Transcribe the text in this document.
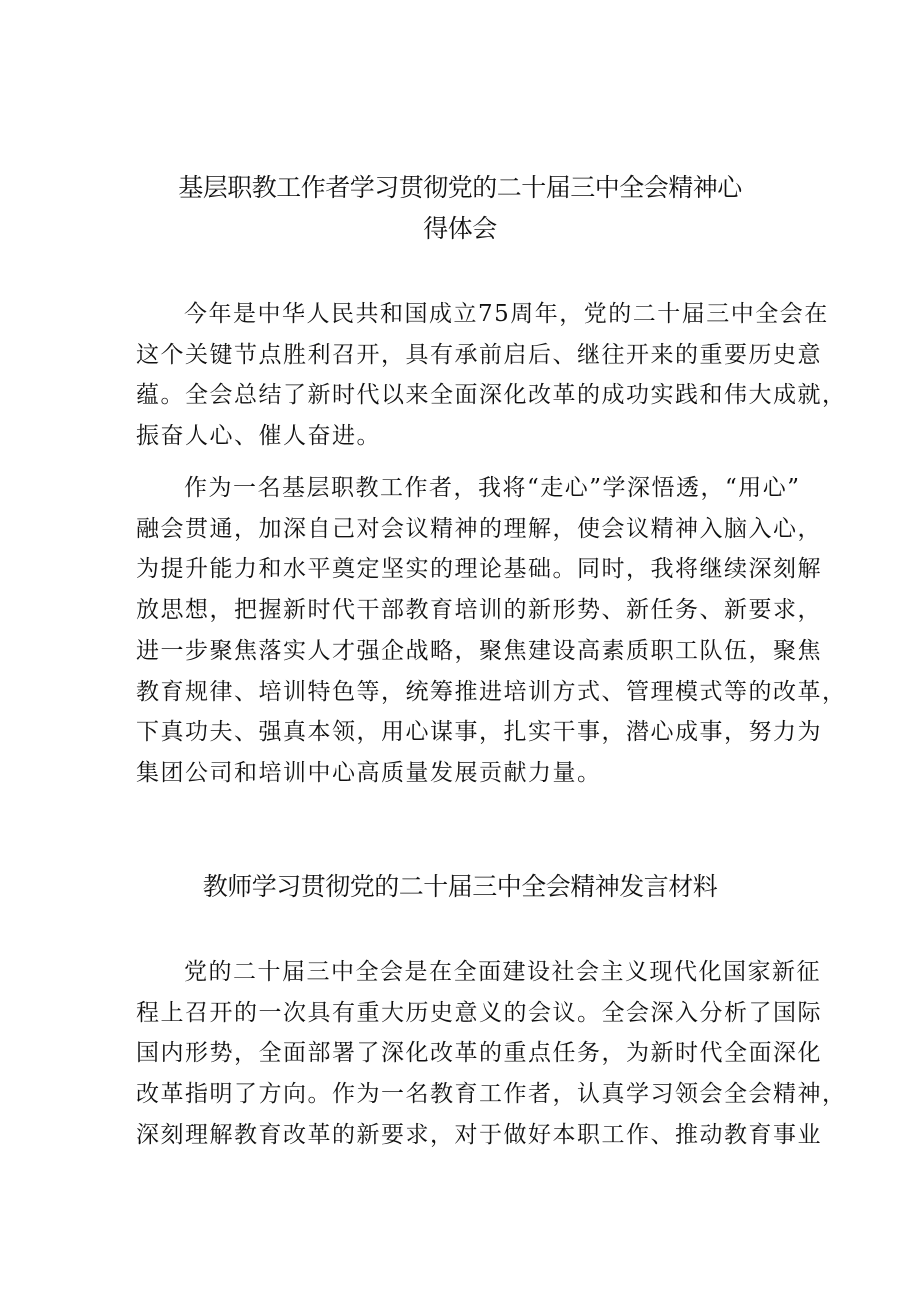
基层职教工作者学习贯彻党的二十届三中全会精神心
得体会

今年是中华人民共和国成立75周年，党的二十届三中全会在
这个关键节点胜利召开，具有承前启后、继往开来的重要历史意
蕴。全会总结了新时代以来全面深化改革的成功实践和伟大成就，
振奋人心、催人奋进。

作为一名基层职教工作者，我将“走心”学深悟透，“用心”
融会贯通，加深自己对会议精神的理解，使会议精神入脑入心，
为提升能力和水平奠定坚实的理论基础。同时，我将继续深刻解
放思想，把握新时代干部教育培训的新形势、新任务、新要求，
进一步聚焦落实人才强企战略，聚焦建设高素质职工队伍，聚焦
教育规律、培训特色等，统筹推进培训方式、管理模式等的改革，
下真功夫、强真本领，用心谋事，扎实干事，潜心成事，努力为
集团公司和培训中心高质量发展贡献力量。

教师学习贯彻党的二十届三中全会精神发言材料

党的二十届三中全会是在全面建设社会主义现代化国家新征
程上召开的一次具有重大历史意义的会议。全会深入分析了国际
国内形势，全面部署了深化改革的重点任务，为新时代全面深化
改革指明了方向。作为一名教育工作者，认真学习领会全会精神，
深刻理解教育改革的新要求，对于做好本职工作、推动教育事业
